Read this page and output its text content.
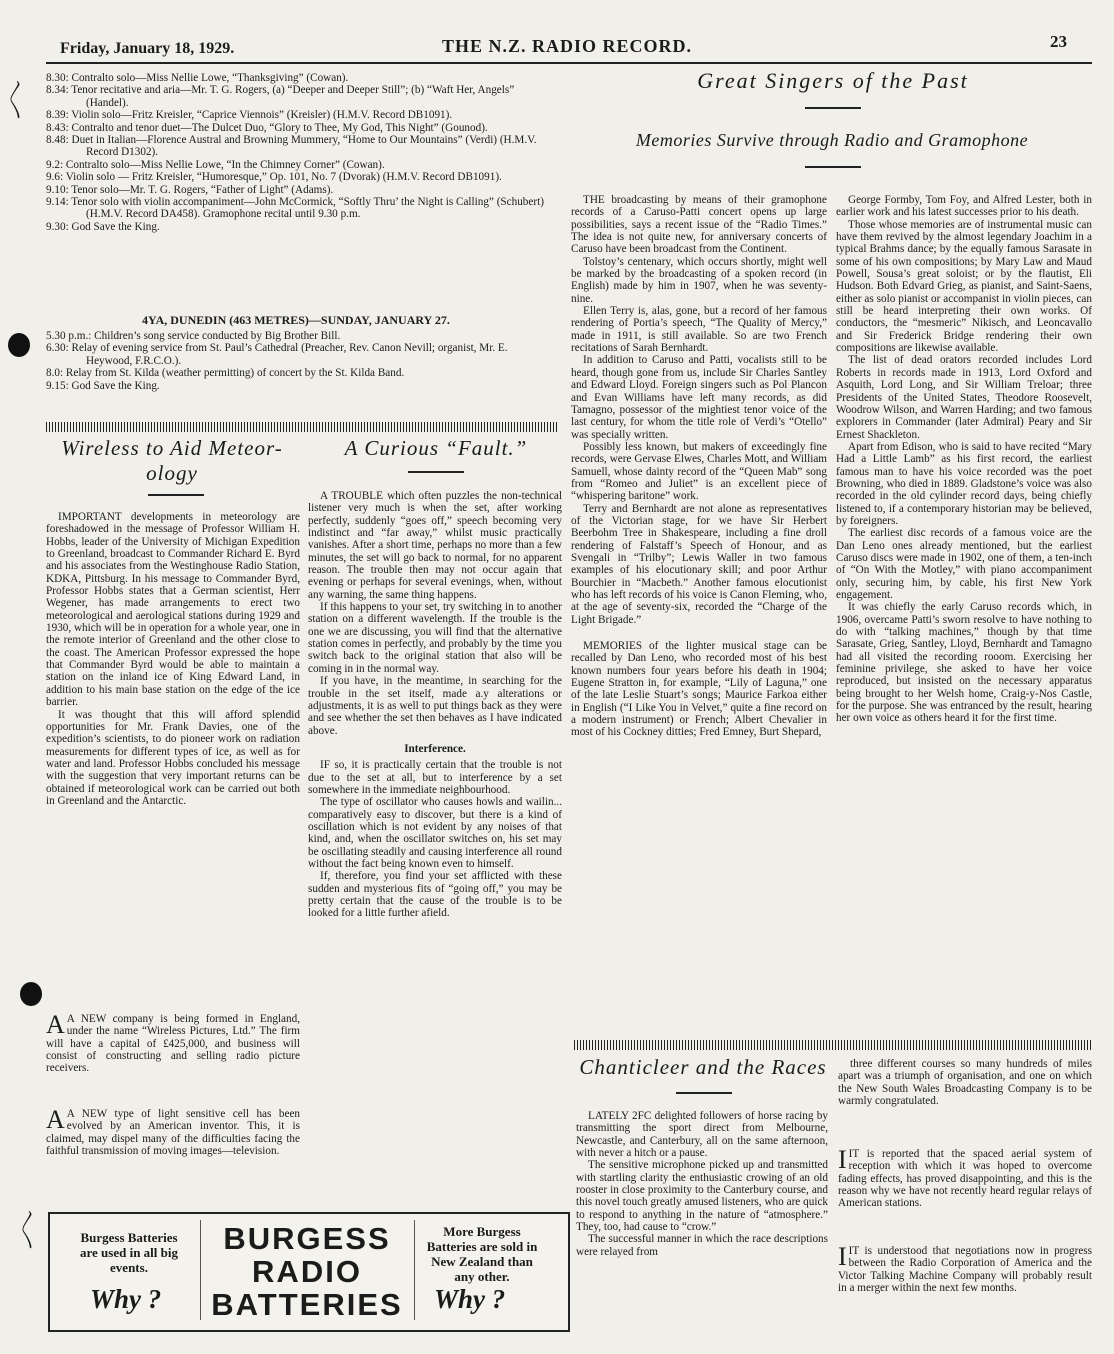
Friday, January 18, 1929.	THE N.Z. RADIO RECORD.	23

8.30: Contralto solo—Miss Nellie Lowe, “Thanksgiving” (Cowan).

8.34: Tenor recitative and aria—Mr. T. G. Rogers, (a) “Deeper and Deeper Still”; (b) “Waft Her, Angels” (Handel).

8.39: Violin solo—Fritz Kreisler, “Caprice Viennois” (Kreisler) (H.M.V. Record DB1091).

8.43: Contralto and tenor duet—The Dulcet Duo, “Glory to Thee, My God, This Night” (Gounod).

8.48: Duet in Italian—Florence Austral and Browning Mummery, “Home to Our Mountains” (Verdi) (H.M.V. Record D1302).

9.2: Contralto solo—Miss Nellie Lowe, “In the Chimney Corner” (Cowan).

9.6: Violin solo — Fritz Kreisler, “Humoresque,” Op. 101, No. 7 (Dvorak) (H.M.V. Record DB1091).

9.10: Tenor solo—Mr. T. G. Rogers, “Father of Light” (Adams).

9.14: Tenor solo with violin accompaniment—John McCormick, “Softly Thru’ the Night is Calling” (Schubert) (H.M.V. Record DA458). Gramophone recital until 9.30 p.m.

9.30: God Save the King.

4YA, DUNEDIN (463 METRES)—SUNDAY, JANUARY 27.

5.30 p.m.: Children’s song service conducted by Big Brother Bill.

6.30: Relay of evening service from St. Paul’s Cathedral (Preacher, Rev. Canon Nevill; organist, Mr. E. Heywood, F.R.C.O.).

8.0: Relay from St. Kilda (weather permitting) of concert by the St. Kilda Band.

9.15: God Save the King.

Great Singers of the Past
Memories Survive through Radio and Gramophone

THE broadcasting by means of their gramophone records of a Caruso-Patti concert opens up large possibilities, says a recent issue of the “Radio Times.” The idea is not quite new, for anniversary concerts of Caruso have been broadcast from the Continent.

Tolstoy’s centenary, which occurs shortly, might well be marked by the broadcasting of a spoken record (in English) made by him in 1907, when he was seventy-nine.

Ellen Terry is, alas, gone, but a record of her famous rendering of Portia’s speech, “The Quality of Mercy,” made in 1911, is still available. So are two French recitations of Sarah Bernhardt.

In addition to Caruso and Patti, vocalists still to be heard, though gone from us, include Sir Charles Santley and Edward Lloyd. Foreign singers such as Pol Plancon and Evan Williams have left many records, as did Tamagno, possessor of the mightiest tenor voice of the last century, for whom the title role of Verdi’s “Otello” was specially written.

Possibly less known, but makers of exceedingly fine records, were Gervase Elwes, Charles Mott, and William Samuell, whose dainty record of the “Queen Mab” song from “Romeo and Juliet” is an excellent piece of “whispering baritone” work.

Terry and Bernhardt are not alone as representatives of the Victorian stage, for we have Sir Herbert Beerbohm Tree in Shakespeare, including a fine droll rendering of Falstaff’s Speech of Honour, and as Svengali in “Trilby”; Lewis Waller in two famous examples of his elocutionary skill; and poor Arthur Bourchier in “Macbeth.” Another famous elocutionist who has left records of his voice is Canon Fleming, who, at the age of seventy-six, recorded the “Charge of the Light Brigade.”

MEMORIES of the lighter musical stage can be recalled by Dan Leno, who recorded most of his best known numbers four years before his death in 1904; Eugene Stratton in, for example, “Lily of Laguna,” one of the late Leslie Stuart’s songs; Maurice Farkoa either in English (“I Like You in Velvet,” quite a fine record on a modern instrument) or French; Albert Chevalier in most of his Cockney ditties; Fred Emney, Burt Shepard,

George Formby, Tom Foy, and Alfred Lester, both in earlier work and his latest successes prior to his death.

Those whose memories are of instrumental music can have them revived by the almost legendary Joachim in a typical Brahms dance; by the equally famous Sarasate in some of his own compositions; by Mary Law and Maud Powell, Sousa’s great soloist; or by the flautist, Eli Hudson. Both Edvard Grieg, as pianist, and Saint-Saens, either as solo pianist or accompanist in violin pieces, can still be heard interpreting their own works. Of conductors, the “mesmeric” Nikisch, and Leoncavallo and Sir Frederick Bridge rendering their own compositions are likewise available.

The list of dead orators recorded includes Lord Roberts in records made in 1913, Lord Oxford and Asquith, Lord Long, and Sir William Treloar; three Presidents of the United States, Theodore Roosevelt, Woodrow Wilson, and Warren Harding; and two famous explorers in Commander (later Admiral) Peary and Sir Ernest Shackleton.

Apart from Edison, who is said to have recited “Mary Had a Little Lamb” as his first record, the earliest famous man to have his voice recorded was the poet Browning, who died in 1889. Gladstone’s voice was also recorded in the old cylinder record days, being chiefly listened to, if a contemporary historian may be believed, by foreigners.

The earliest disc records of a famous voice are the Dan Leno ones already mentioned, but the earliest Caruso discs were made in 1902, one of them, a ten-inch of “On With the Motley,” with piano accompaniment only, securing him, by cable, his first New York engagement.

It was chiefly the early Caruso records which, in 1906, overcame Patti’s sworn resolve to have nothing to do with “talking machines,” though by that time Sarasate, Grieg, Santley, Lloyd, Bernhardt and Tamagno had all visited the recording rooom. Exercising her feminine privilege, she asked to have her voice reproduced, but insisted on the necessary apparatus being brought to her Welsh home, Craig-y-Nos Castle, for the purpose. She was entranced by the result, hearing her own voice as others heard it for the first time.

Wireless to Aid Meteor-
ology

IMPORTANT developments in meteorology are foreshadowed in the message of Professor William H. Hobbs, leader of the University of Michigan Expedition to Greenland, broadcast to Commander Richard E. Byrd and his associates from the Westinghouse Radio Station, KDKA, Pittsburg. In his message to Commander Byrd, Professor Hobbs states that a German scientist, Herr Wegener, has made arrangements to erect two meteorological and aerological stations during 1929 and 1930, which will be in operation for a whole year, one in the remote interior of Greenland and the other close to the coast. The American Professor expressed the hope that Commander Byrd would be able to maintain a station on the inland ice of King Edward Land, in addition to his main base station on the edge of the ice barrier.

It was thought that this will afford splendid opportunities for Mr. Frank Davies, one of the expedition’s scientists, to do pioneer work on radiation measurements for different types of ice, as well as for water and land. Professor Hobbs concluded his message with the suggestion that very important returns can be obtained if meteorological work can be carried out both in Greenland and the Antarctic.

A A NEW company is being formed in England, under the name “Wireless Pictures, Ltd.” The firm will have a capital of £425,000, and business will consist of constructing and selling radio picture receivers.

A A NEW type of light sensitive cell has been evolved by an American inventor. This, it is claimed, may dispel many of the difficulties facing the faithful transmission of moving images—television.

A Curious “Fault.”

A TROUBLE which often puzzles the non-technical listener very much is when the set, after working perfectly, suddenly “goes off,” speech becoming very indistinct and “far away,” whilst music practically vanishes. After a short time, perhaps no more than a few minutes, the set will go back to normal, for no apparent reason. The trouble then may not occur again that evening or perhaps for several evenings, when, without any warning, the same thing happens.

If this happens to your set, try switching in to another station on a different wavelength. If the trouble is the one we are discussing, you will find that the alternative station comes in perfectly, and probably by the time you switch back to the original station that also will be coming in in the normal way.

If you have, in the meantime, in searching for the trouble in the set itself, made a.y alterations or adjustments, it is as well to put things back as they were and see whether the set then behaves as I have indicated above.

Interference.

IF so, it is practically certain that the trouble is not due to the set at all, but to interference by a set somewhere in the immediate neighbourhood.

The type of oscillator who causes howls and wailin... comparatively easy to discover, but there is a kind of oscillation which is not evident by any noises of that kind, and, when the oscillator switches on, his set may be oscillating steadily and causing interference all round without the fact being known even to himself.

If, therefore, you find your set afflicted with these sudden and mysterious fits of “going off,” you may be pretty certain that the cause of the trouble is to be looked for a little further afield.

Chanticleer and the Races

LATELY 2FC delighted followers of horse racing by transmitting the sport direct from Melbourne, Newcastle, and Canterbury, all on the same afternoon, with never a hitch or a pause.

The sensitive microphone picked up and transmitted with startling clarity the enthusiastic crowing of an old rooster in close proximity to the Canterbury course, and this novel touch greatly amused listeners, who are quick to respond to anything in the nature of “atmosphere.” They, too, had cause to “crow.”

The successful manner in which the race descriptions were relayed from

three different courses so many hundreds of miles apart was a triumph of organisation, and one on which the New South Wales Broadcasting Company is to be warmly congratulated.

IIT is reported that the spaced aerial system of reception with which it was hoped to overcome fading effects, has proved disappointing, and this is the reason why we have not recently heard regular relays of American stations.

IIT is understood that negotiations now in progress between the Radio Corporation of America and the Victor Talking Machine Company will probably result in a merger within the next few months.

Burgess Batteries are used in all big events.
Why ?
BURGESS
RADIO
BATTERIES
More Burgess Batteries are sold in New Zealand than any other.
Why ?
〱
〱
